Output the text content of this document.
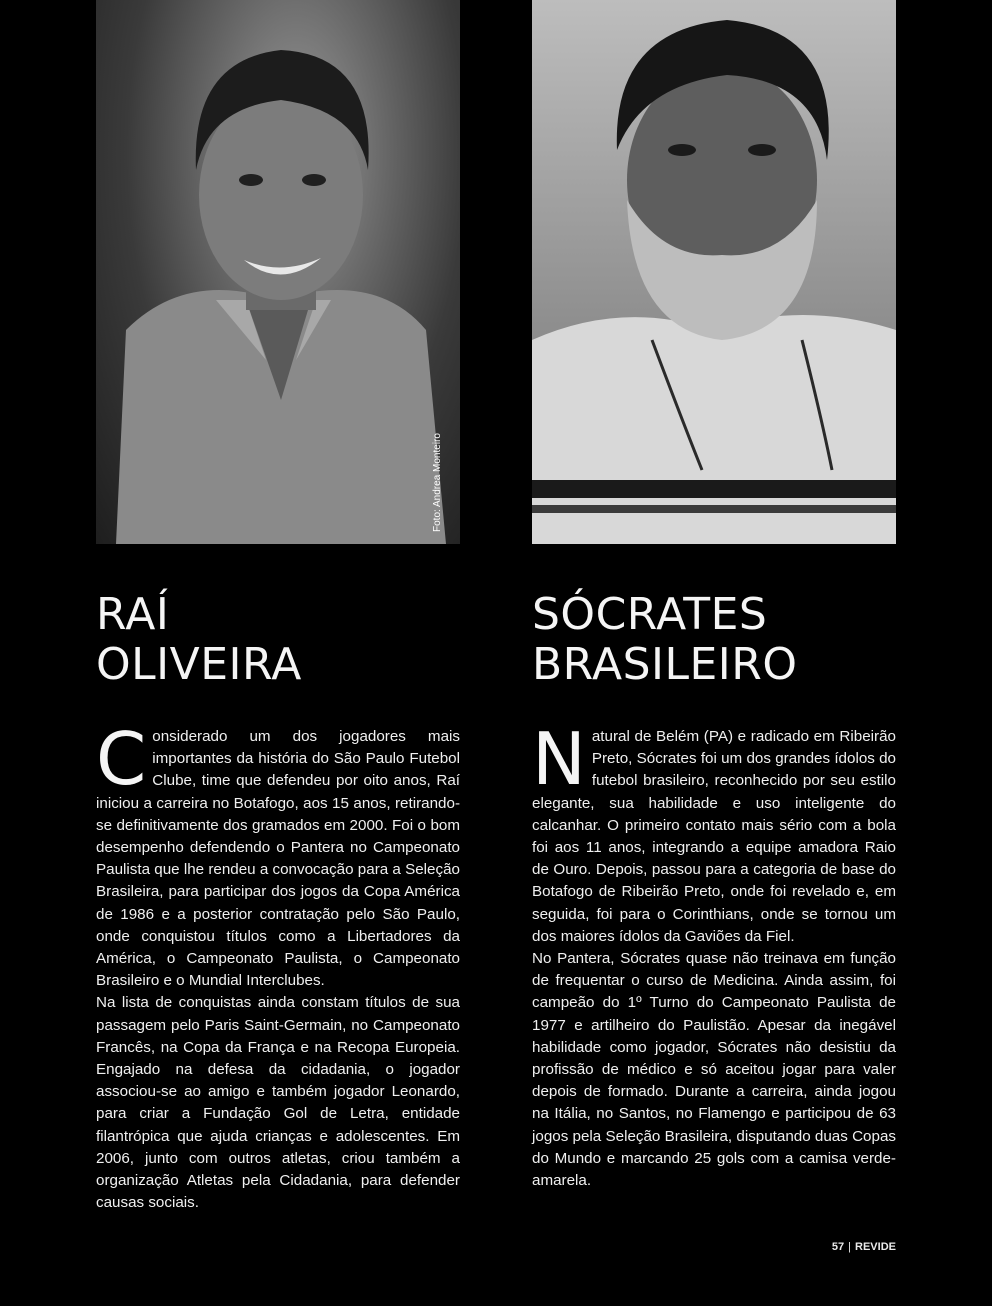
Foto: Andrea Monteiro
RAÍ
OLIVEIRA
SÓCRATES
BRASILEIRO

Considerado um dos jogadores mais importantes da história do São Paulo Futebol Clube, time que defendeu por oito anos, Raí iniciou a carreira no Botafogo, aos 15 anos, retirando-se definitivamente dos gramados em 2000. Foi o bom desempenho defendendo o Pantera no Campeonato Paulista que lhe rendeu a convocação para a Seleção Brasileira, para participar dos jogos da Copa América de 1986 e a posterior contratação pelo São Paulo, onde conquistou títulos como a Libertadores da América, o Campeonato Paulista, o Campeonato Brasileiro e o Mundial Interclubes.

Na lista de conquistas ainda constam títulos de sua passagem pelo Paris Saint-Germain, no Campeonato Francês, na Copa da França e na Recopa Europeia. Engajado na defesa da cidadania, o jogador associou-se ao amigo e também jogador Leonardo, para criar a Fundação Gol de Letra, entidade filantrópica que ajuda crianças e adolescentes. Em 2006, junto com outros atletas, criou também a organização Atletas pela Cidadania, para defender causas sociais.

Natural de Belém (PA) e radicado em Ribeirão Preto, Sócrates foi um dos grandes ídolos do futebol brasileiro, reconhecido por seu estilo elegante, sua habilidade e uso inteligente do calcanhar. O primeiro contato mais sério com a bola foi aos 11 anos, integrando a equipe amadora Raio de Ouro. Depois, passou para a categoria de base do Botafogo de Ribeirão Preto, onde foi revelado e, em seguida, foi para o Corinthians, onde se tornou um dos maiores ídolos da Gaviões da Fiel.

No Pantera, Sócrates quase não treinava em função de frequentar o curso de Medicina. Ainda assim, foi campeão do 1º Turno do Campeonato Paulista de 1977 e artilheiro do Paulistão. Apesar da inegável habilidade como jogador, Sócrates não desistiu da profissão de médico e só aceitou jogar para valer depois de formado. Durante a carreira, ainda jogou na Itália, no Santos, no Flamengo e participou de 63 jogos pela Seleção Brasileira, disputando duas Copas do Mundo e marcando 25 gols com a camisa verde-amarela.

57 | REVIDE
